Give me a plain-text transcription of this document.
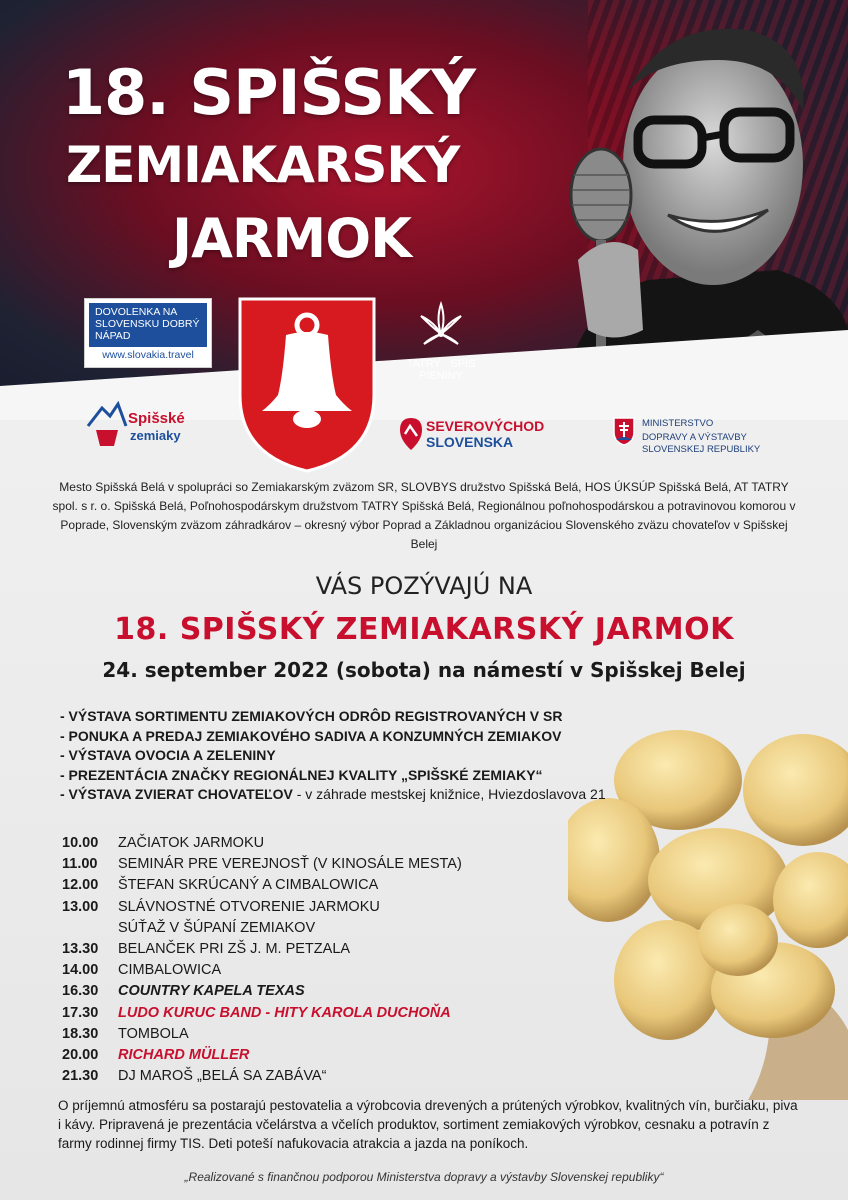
18. SPIŠSKÝ
ZEMIAKARSKÝ
JARMOK
TATRY · SPIS PIENINY
DOVOLENKA NA SLOVENSKU DOBRÝ NÁPAD
www.slovakia.travel
Spišské
zemiaky
SEVEROVÝCHOD
SLOVENSKA
MINISTERSTVO
DOPRAVY A VÝSTAVBY
SLOVENSKEJ REPUBLIKY

Mesto Spišská Belá v spolupráci so Zemiakarským zväzom SR, SLOVBYS družstvo Spišská Belá, HOS ÚKSÚP Spišská Belá, AT TATRY spol. s r. o. Spišská Belá, Poľnohospodárskym družstvom TATRY Spišská Belá, Regionálnou poľnohospodárskou a potravinovou komorou v Poprade, Slovenským zväzom záhradkárov – okresný výbor Poprad a Základnou organizáciou Slovenského zväzu chovateľov v Spišskej Belej

VÁS POZÝVAJÚ NA
18. SPIŠSKÝ ZEMIAKARSKÝ JARMOK
24. september 2022 (sobota) na námestí v Spišskej Belej
- VÝSTAVA SORTIMENTU ZEMIAKOVÝCH ODRÔD REGISTROVANÝCH V SR
- PONUKA A PREDAJ ZEMIAKOVÉHO SADIVA A KONZUMNÝCH ZEMIAKOV
- VÝSTAVA OVOCIA A ZELENINY
- PREZENTÁCIA ZNAČKY REGIONÁLNEJ KVALITY „SPIŠSKÉ ZEMIAKY“
- VÝSTAVA ZVIERAT CHOVATEĽOV - v záhrade mestskej knižnice, Hviezdoslavova 21
10.00	ZAČIATOK JARMOKU
11.00	SEMINÁR PRE VEREJNOSŤ (V KINOSÁLE MESTA)
12.00	ŠTEFAN SKRÚCANÝ A CIMBALOWICA
13.00	SLÁVNOSTNÉ OTVORENIE JARMOKU
SÚŤAŽ V ŠÚPANÍ ZEMIAKOV
13.30	BELANČEK PRI ZŠ J. M. PETZALA
14.00	CIMBALOWICA
16.30	COUNTRY KAPELA TEXAS
17.30	LUDO KURUC BAND - HITY KAROLA DUCHOŇA
18.30	TOMBOLA
20.00	RICHARD MÜLLER
21.30	DJ MAROŠ „BELÁ SA ZABÁVA“

O príjemnú atmosféru sa postarajú pestovatelia a výrobcovia drevených a prútených výrobkov, kvalitných vín, burčiaku, piva i kávy. Pripravená je prezentácia včelárstva a včelích produktov, sortiment zemiakových výrobkov, cesnaku a potravín z farmy rodinnej firmy TIS. Deti poteší nafukovacia atrakcia a jazda na poníkoch.

„Realizované s finančnou podporou Ministerstva dopravy a výstavby Slovenskej republiky“
